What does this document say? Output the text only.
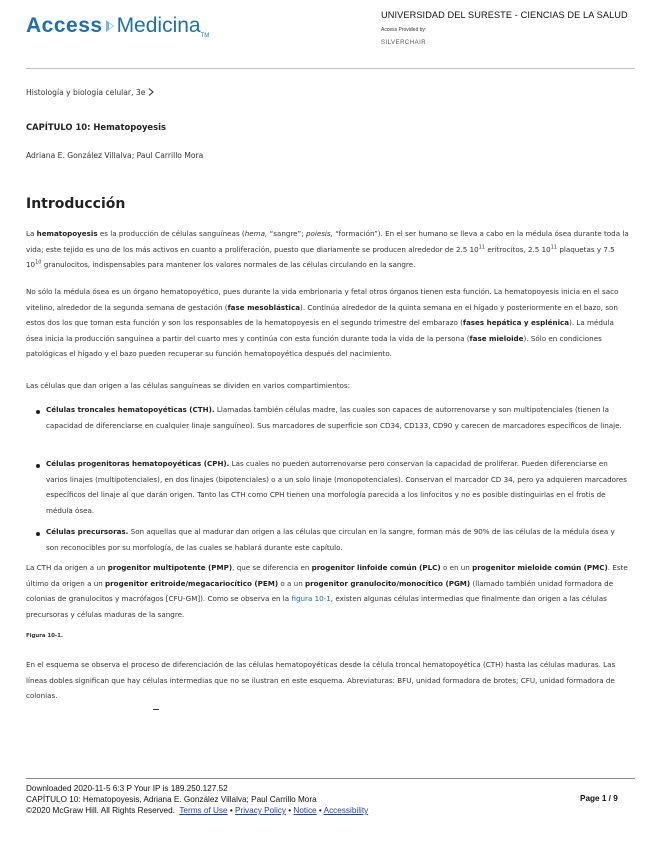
Access Medicina$_{TM}$
UNIVERSIDAD DEL SURESTE - CIENCIAS DE LA SALUD
Access Provided by:
SILVERCHAIR
Histología y biología celular, 3e
CAPÍTULO 10: Hematopoyesis
Adriana E. González Villalva; Paul Carrillo Mora
Introducción
La hematopoyesis es la producción de células sanguíneas (hema, “sangre”; poiesis, “formación”). En el ser humano se lleva a cabo en la médula ósea durante toda la vida; este tejido es uno de los más activos en cuanto a proliferación, puesto que diariamente se producen alrededor de 2.5 $10^{11}$ eritrocitos, 2.5 $10^{11}$ plaquetas y 7.5 $10^{10}$ granulocitos, indispensables para mantener los valores normales de las células circulando en la sangre.
No sólo la médula ósea es un órgano hematopoyético, pues durante la vida embrionaria y fetal otros órganos tienen esta función. La hematopoyesis inicia en el saco vitelino, alrededor de la segunda semana de gestación (fase mesoblástica). Continúa alrededor de la quinta semana en el hígado y posteriormente en el bazo, son estos dos los que toman esta función y son los responsables de la hematopoyesis en el segundo trimestre del embarazo (fases hepática y esplénica). La médula ósea inicia la producción sanguínea a partir del cuarto mes y continúa con esta función durante toda la vida de la persona (fase mieloide). Sólo en condiciones patológicas el hígado y el bazo pueden recuperar su función hematopoyética después del nacimiento.
Las células que dan origen a las células sanguíneas se dividen en varios compartimientos:
Células troncales hematopoyéticas (CTH). Llamadas también células madre, las cuales son capaces de autorrenovarse y son multipotenciales (tienen la capacidad de diferenciarse en cualquier linaje sanguíneo). Sus marcadores de superficie son CD34, CD133, CD90 y carecen de marcadores específicos de linaje.
Células progenitoras hematopoyéticas (CPH). Las cuales no pueden autorrenovarse pero conservan la capacidad de proliferar. Pueden diferenciarse en varios linajes (multipotenciales), en dos linajes (bipotenciales) o a un solo linaje (monopotenciales). Conservan el marcador CD 34, pero ya adquieren marcadores específicos del linaje al que darán origen. Tanto las CTH como CPH tienen una morfología parecida a los linfocitos y no es posible distinguirlas en el frotis de médula ósea.
Células precursoras. Son aquellas que al madurar dan origen a las células que circulan en la sangre, forman más de 90% de las células de la médula ósea y son reconocibles por su morfología, de las cuales se hablará durante este capítulo.
La CTH da origen a un progenitor multipotente (PMP), que se diferencia en progenitor linfoide común (PLC) o en un progenitor mieloide común (PMC). Este último da origen a un progenitor eritroide/megacariocítico (PEM) o a un progenitor granulocito/monocítico (PGM) (llamado también unidad formadora de colonias de granulocitos y macrófagos [CFU-GM]). Como se observa en la figura 10-1, existen algunas células intermedias que finalmente dan origen a las células precursoras y células maduras de la sangre.
Figura 10-1.
En el esquema se observa el proceso de diferenciación de las células hematopoyéticas desde la célula troncal hematopoyética (CTH) hasta las células maduras. Las líneas dobles significan que hay células intermedias que no se ilustran en este esquema. Abreviaturas: BFU, unidad formadora de brotes; CFU, unidad formadora de colonias.
Downloaded 2020-11-5 6:3 P Your IP is 189.250.127.52
CAPÍTULO 10: Hematopoyesis, Adriana E. González Villalva; Paul Carrillo Mora	Page 1 / 9
©2020 McGraw Hill. All Rights Reserved. Terms of Use • Privacy Policy • Notice • Accessibility
